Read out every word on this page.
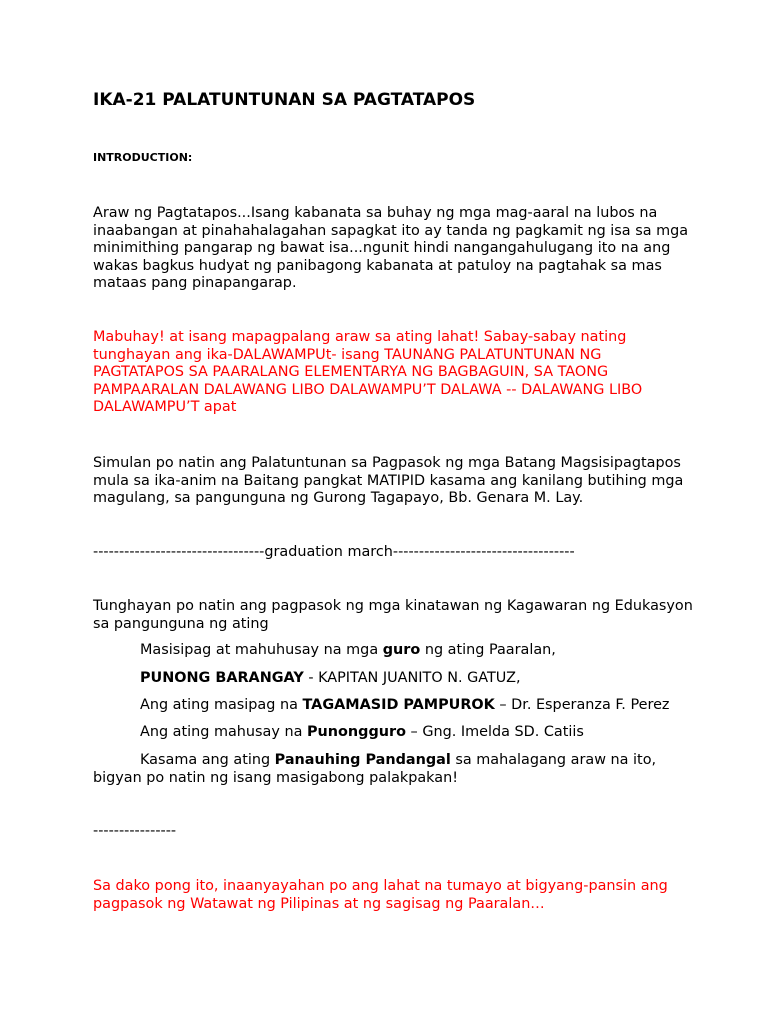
IKA-21 PALATUNTUNAN SA PAGTATAPOS

INTRODUCTION:

Araw ng Pagtatapos...Isang kabanata sa buhay ng mga mag-aaral na lubos na inaabangan at pinahahalagahan sapagkat ito ay tanda ng pagkamit ng isa sa mga minimithing pangarap ng bawat isa...ngunit hindi nangangahulugang ito na ang wakas bagkus hudyat ng panibagong kabanata at patuloy na pagtahak sa mas mataas pang pinapangarap.

Mabuhay! at isang mapagpalang araw sa ating lahat! Sabay-sabay nating tunghayan ang ika-DALAWAMPUt- isang TAUNANG PALATUNTUNAN NG PAGTATAPOS SA PAARALANG ELEMENTARYA NG BAGBAGUIN, SA TAONG PAMPAARALAN DALAWANG LIBO DALAWAMPU’T DALAWA -- DALAWANG LIBO DALAWAMPU’T apat

Simulan po natin ang Palatuntunan sa Pagpasok ng mga Batang Magsisipagtapos mula sa ika-anim na Baitang pangkat MATIPID kasama ang kanilang butihing mga magulang, sa pangunguna ng Gurong Tagapayo, Bb. Genara M. Lay.

---------------------------------graduation march-----------------------------------

Tunghayan po natin ang pagpasok ng mga kinatawan ng Kagawaran ng Edukasyon sa pangunguna ng ating

Masisipag at mahuhusay na mga guro ng ating Paaralan,

PUNONG BARANGAY - KAPITAN JUANITO N. GATUZ,

Ang ating masipag na TAGAMASID PAMPUROK – Dr. Esperanza F. Perez

Ang ating mahusay na Punongguro – Gng. Imelda SD. Catiis

Kasama ang ating Panauhing Pandangal sa mahalagang araw na ito, bigyan po natin ng isang masigabong palakpakan!

----------------

Sa dako pong ito, inaanyayahan po ang lahat na tumayo at bigyang-pansin ang pagpasok ng Watawat ng Pilipinas at ng sagisag ng Paaralan…
